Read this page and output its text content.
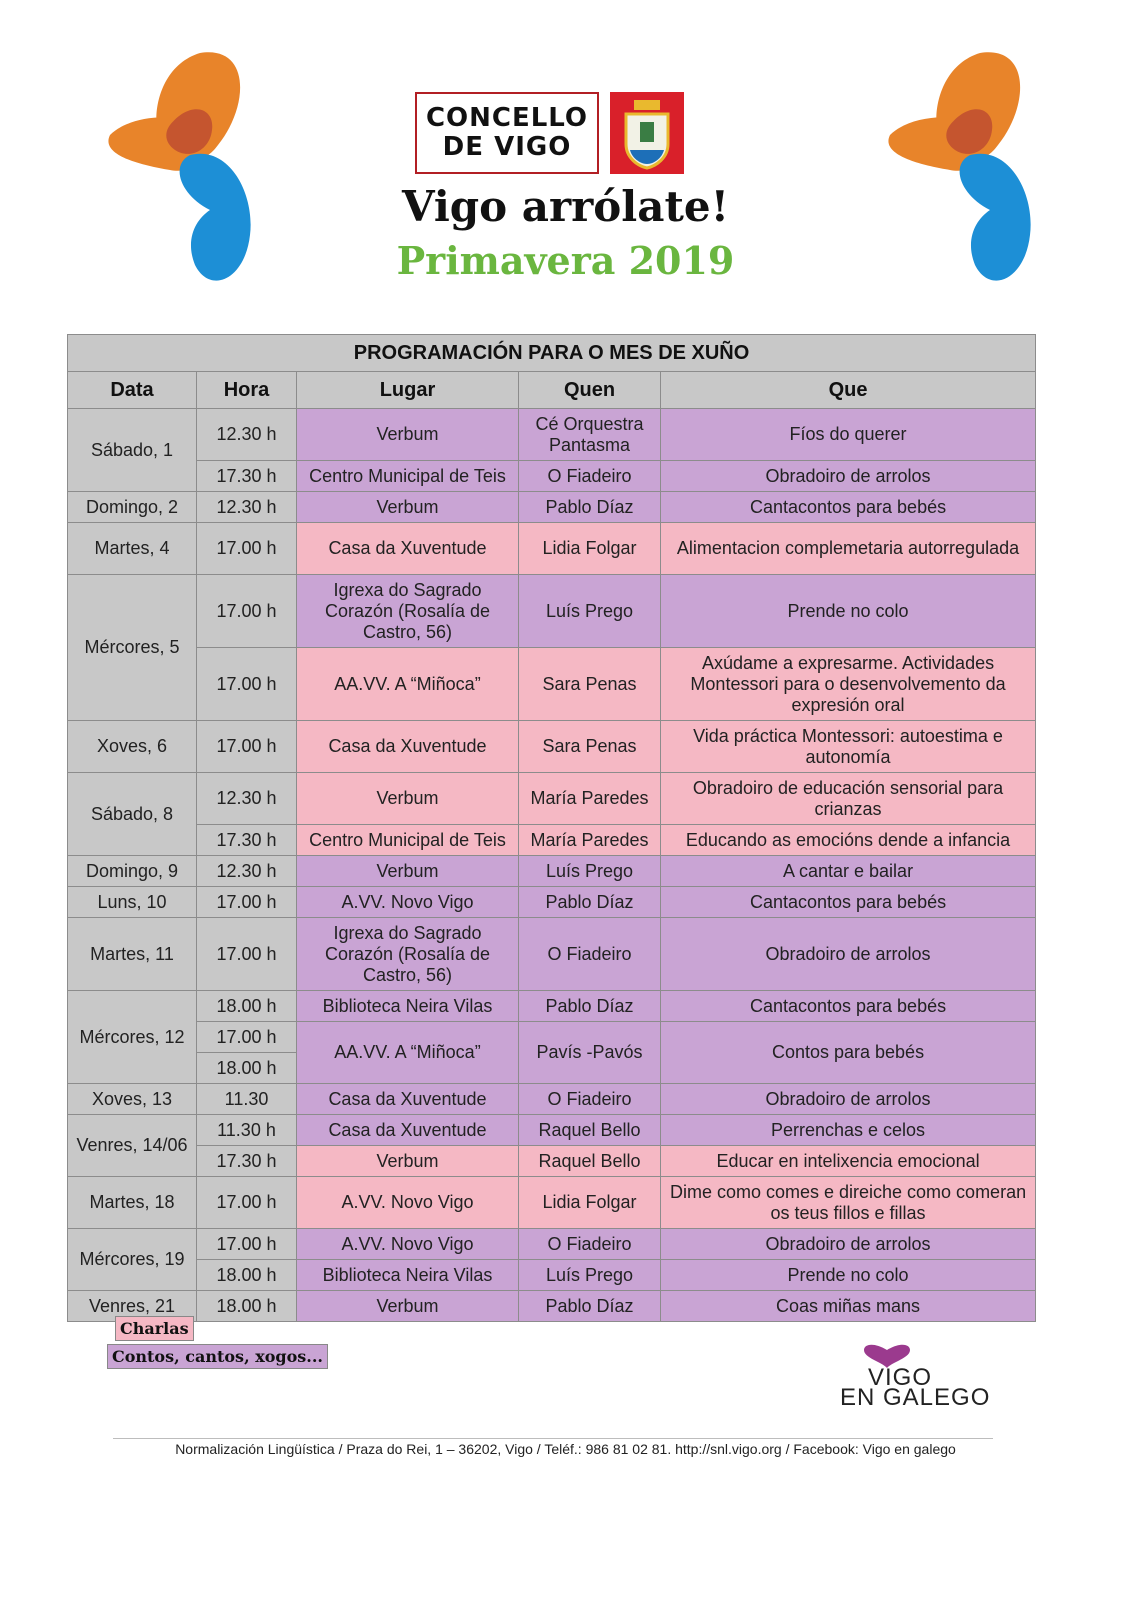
CONCELLO
DE VIGO
Vigo arrólate!
Primavera 2019
PROGRAMACIÓN PARA O MES DE XUÑO				
Data	Hora	Lugar	Quen	Que
Sábado, 1	12.30 h	Verbum	Cé Orquestra Pantasma	Fíos do querer
	17.30 h	Centro Municipal de Teis	O Fiadeiro	Obradoiro de arrolos
Domingo, 2	12.30 h	Verbum	Pablo Díaz	Cantacontos para bebés
Martes, 4	17.00 h	Casa da Xuventude	Lidia Folgar	Alimentacion complemetaria autorregulada
Mércores, 5	17.00 h	Igrexa do Sagrado Corazón (Rosalía de Castro, 56)	Luís Prego	Prende no colo
	17.00 h	AA.VV. A “Miñoca”	Sara Penas	Axúdame a expresarme. Actividades Montessori para o desenvolvemento da expresión oral
Xoves, 6	17.00 h	Casa da Xuventude	Sara Penas	Vida práctica Montessori: autoestima e autonomía
Sábado, 8	12.30 h	Verbum	María Paredes	Obradoiro de educación sensorial para crianzas
	17.30 h	Centro Municipal de Teis	María Paredes	Educando as emocións dende a infancia
Domingo, 9	12.30 h	Verbum	Luís Prego	A cantar e bailar
Luns, 10	17.00 h	A.VV. Novo Vigo	Pablo Díaz	Cantacontos para bebés
Martes, 11	17.00 h	Igrexa do Sagrado Corazón (Rosalía de Castro, 56)	O Fiadeiro	Obradoiro de arrolos
Mércores, 12	18.00 h	Biblioteca Neira Vilas	Pablo Díaz	Cantacontos para bebés
	17.00 h	AA.VV. A “Miñoca”	Pavís -Pavós	Contos para bebés
	18.00 h			
Xoves, 13	11.30	Casa da Xuventude	O Fiadeiro	Obradoiro de arrolos
Venres, 14/06	11.30 h	Casa da Xuventude	Raquel Bello	Perrenchas e celos
	17.30 h	Verbum	Raquel Bello	Educar en intelixencia emocional
Martes, 18	17.00 h	A.VV. Novo Vigo	Lidia Folgar	Dime como comes e direiche como comeran os teus fillos e fillas
Mércores, 19	17.00 h	A.VV. Novo Vigo	O Fiadeiro	Obradoiro de arrolos
	18.00 h	Biblioteca Neira Vilas	Luís Prego	Prende no colo
Venres, 21	18.00 h	Verbum	Pablo Díaz	Coas miñas mans
Charlas
Contos, cantos, xogos...
VIGO
EN GALEGO
Normalización Lingüística / Praza do Rei, 1 – 36202, Vigo / Teléf.: 986 81 02 81. http://snl.vigo.org / Facebook: Vigo en galego
